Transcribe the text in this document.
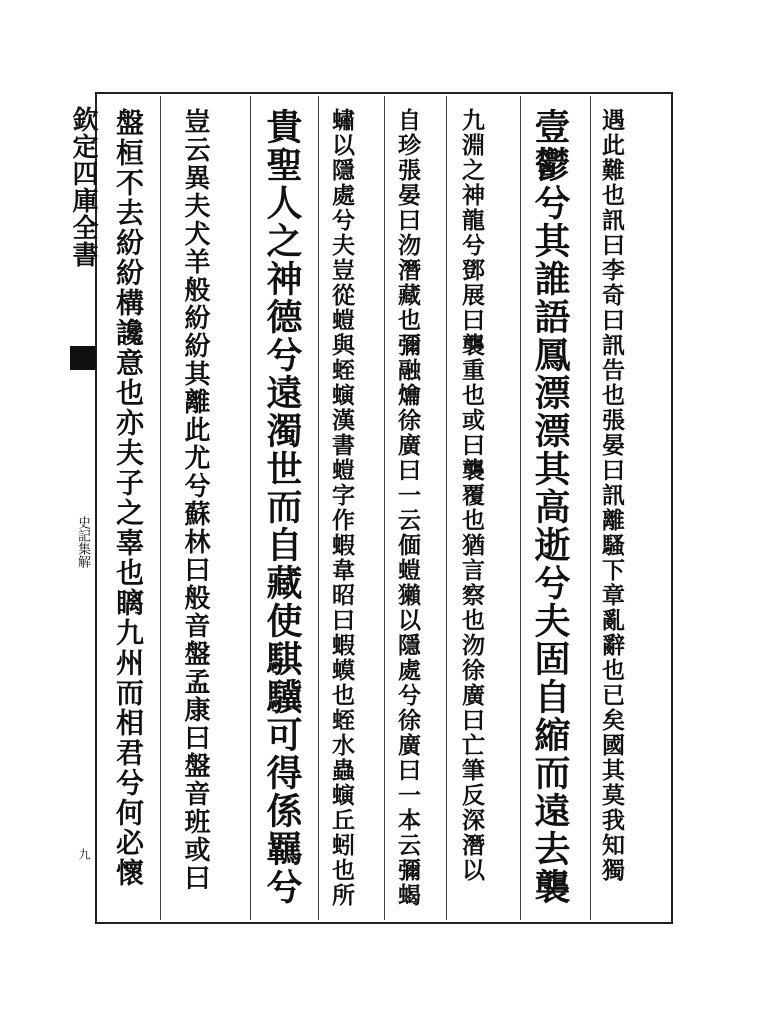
欽定四庫全書
史記集解
九	遇此難也訊曰李奇曰訊告也張晏曰訊離騷下章亂辭也已矣國其莫我知獨
壹鬱兮其誰語鳳漂漂其高逝兮夫固自縮而遠去襲
九淵之神龍兮鄧展曰襲重也或曰襲覆也猶言察也沕徐廣曰亡筆反深潛以
自珍張晏曰沕潛藏也彌融爚徐廣曰一云偭螘獺以隱處兮徐廣曰一本云彌蝎
蟰以隱處兮夫豈從螘與蛭螾漢書螘字作蝦韋昭曰蝦蟆也蛭水蟲螾丘蚓也所
貴聖人之神德兮遠濁世而自藏使騏驥可得係羈兮
豈云異夫犬羊般紛紛其離此尤兮蘇林曰般音盤孟康曰盤音班或曰
盤桓不去紛紛構讒意也亦夫子之辜也瞝九州而相君兮何必懷
